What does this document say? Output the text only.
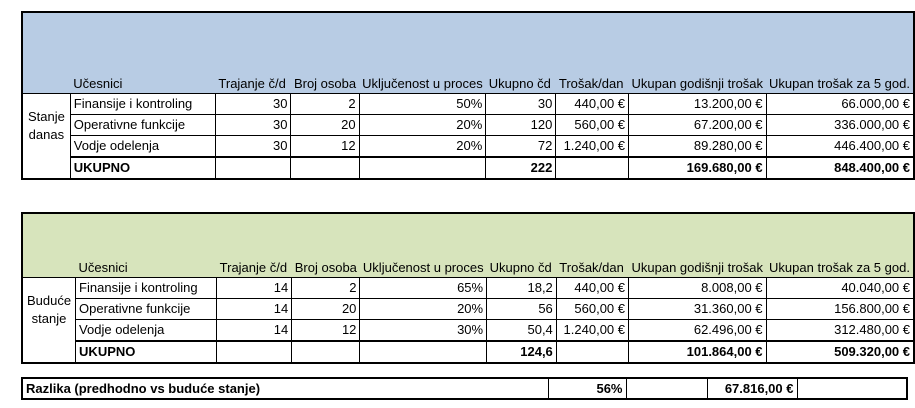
	Učesnici	Trajanje č/d	Broj osoba	Uključenost u proces	Ukupno čd	Trošak/dan	Ukupan godišnji trošak	Ukupan trošak za 5 god.
Stanje danas	Finansije i kontroling	30	2	50%	30	440,00 €	13.200,00 €	66.000,00 €
	Operativne funkcije	30	20	20%	120	560,00 €	67.200,00 €	336.000,00 €
	Vodje odelenja	30	12	20%	72	1.240,00 €	89.280,00 €	446.400,00 €
	UKUPNO				222		169.680,00 €	848.400,00 €
	Učesnici	Trajanje č/d	Broj osoba	Uključenost u proces	Ukupno čd	Trošak/dan	Ukupan godišnji trošak	Ukupan trošak za 5 god.
Buduće stanje	Finansije i kontroling	14	2	65%	18,2	440,00 €	8.008,00 €	40.040,00 €
	Operativne funkcije	14	20	20%	56	560,00 €	31.360,00 €	156.800,00 €
	Vodje odelenja	14	12	30%	50,4	1.240,00 €	62.496,00 €	312.480,00 €
	UKUPNO				124,6		101.864,00 €	509.320,00 €
Razlika (predhodno vs buduće stanje)	56%		67.816,00 €	
